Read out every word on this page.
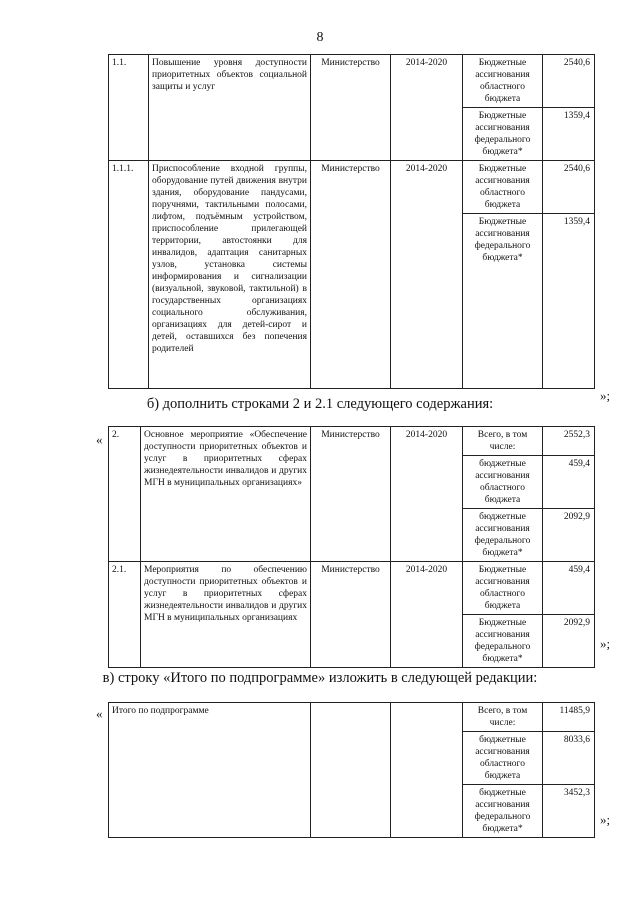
8
1.1.	Повышение уровня доступности приоритетных объектов социальной защиты и услуг	Министерство	2014-2020	Бюджетные ассигнования областного бюджета	2540,6
				Бюджетные ассигнования федерального бюджета*	1359,4
1.1.1.	Приспособление входной группы, оборудование путей движения внутри здания, оборудование пандусами, поручнями, тактильными полосами, лифтом, подъёмным устройством, приспособление прилегающей территории, автостоянки для инвалидов, адаптация санитарных узлов, установка системы информирования и сигнализации (визуальной, звуковой, тактильной) в государственных организациях социального обслуживания, организациях для детей-сирот и детей, оставшихся без попечения родителей	Министерство	2014-2020	Бюджетные ассигнования областного бюджета	2540,6
				Бюджетные ассигнования федерального бюджета*	1359,4
»;
б) дополнить строками 2 и 2.1 следующего содержания:
« 2.	Основное мероприятие «Обеспечение доступности приоритетных объектов и услуг в приоритетных сферах жизнедеятельности инвалидов и других МГН в муниципальных организациях»	Министерство	2014-2020	Всего, в том числе:	2552,3
				бюджетные ассигнования областного бюджета	459,4
				бюджетные ассигнования федерального бюджета*	2092,9
2.1.	Мероприятия по обеспечению доступности приоритетных объектов и услуг в приоритетных сферах жизнедеятельности инвалидов и других МГН в муниципальных организациях	Министерство	2014-2020	Бюджетные ассигнования областного бюджета	459,4
				Бюджетные ассигнования федерального бюджета*	2092,9
»;
в) строку «Итого по подпрограмме» изложить в следующей редакции:
« Итого по подпрограмме			Всего, в том числе:	11485,9
			бюджетные ассигнования областного бюджета	8033,6
			бюджетные ассигнования федерального бюджета*	3452,3
»;
